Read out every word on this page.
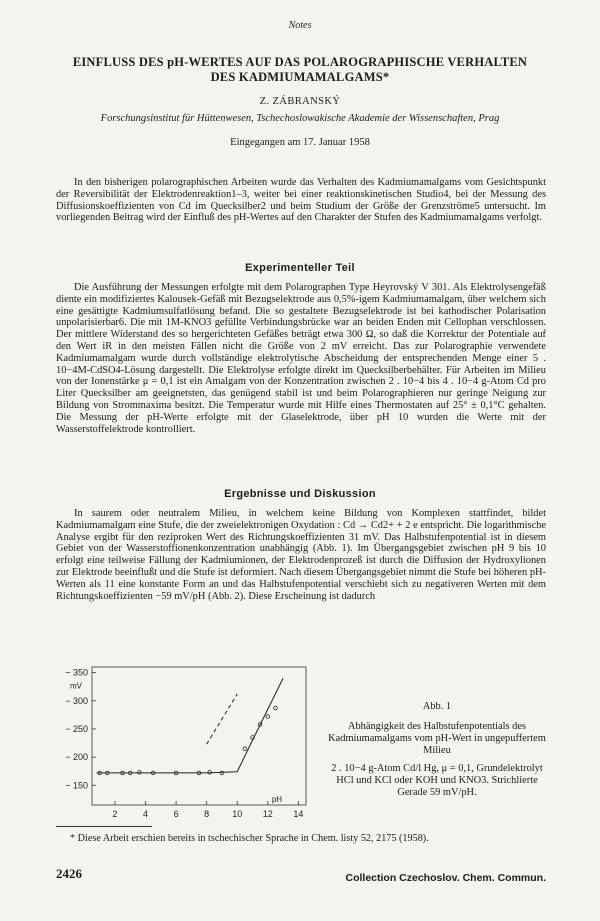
Notes
EINFLUSS DES pH-WERTES AUF DAS POLAROGRAPHISCHE VERHALTEN
DES KADMIUMAMALGAMS*
Z. ZÁBRANSKÝ
Forschungsinstitut für Hüttenwesen, Tschechoslowakische Akademie der Wissenschaften, Prag
Eingegangen am 17. Januar 1958

In den bisherigen polarographischen Arbeiten wurde das Verhalten des Kadmiumamalgams vom Gesichtspunkt der Reversibilität der Elektrodenreaktion1–3, weiter bei einer reaktionskinetischen Studio4, bei der Messung des Diffusionskoeffizienten von Cd im Quecksilber2 und beim Studium der Größe der Grenzströme5 untersucht. Im vorliegenden Beitrag wird der Einfluß des pH-Wertes auf den Charakter der Stufen des Kadmiumamalgams verfolgt.

Experimenteller Teil

Die Ausführung der Messungen erfolgte mit dem Polarographen Type Heyrovský V 301. Als Elektrolysengefäß diente ein modifiziertes Kalousek-Gefäß mit Bezugselektrode aus 0,5%-igem Kadmiumamalgam, über welchem sich eine gesättigte Kadmiumsulfatlösung befand. Die so gestaltete Bezugselektrode ist bei kathodischer Polarisation unpolarisierbar6. Die mit 1M-KNO3 gefüllte Verbindungsbrücke war an beiden Enden mit Cellophan verschlossen. Der mittlere Widerstand des so hergerichteten Gefäßes beträgt etwa 300 Ω, so daß die Korrektur der Potentiale auf den Wert iR in den meisten Fällen nicht die Größe von 2 mV erreicht. Das zur Polarographie verwendete Kadmiumamalgam wurde durch vollständige elektrolytische Abscheidung der entsprechenden Menge einer 5 . 10−4M-CdSO4-Lösung dargestellt. Die Elektrolyse erfolgte direkt im Quecksilberbehälter. Für Arbeiten im Milieu von der Ionenstärke μ = 0,1 ist ein Amalgam von der Konzentration zwischen 2 . 10−4 bis 4 . 10−4 g-Atom Cd pro Liter Quecksilber am geeignetsten, das genügend stabil ist und beim Polarographieren nur geringe Neigung zur Bildung von Strommaxima besitzt. Die Temperatur wurde mit Hilfe eines Thermostaten auf 25° ± 0,1°C gehalten. Die Messung der pH-Werte erfolgte mit der Glaselektrode, über pH 10 wurden die Werte mit der Wasserstoffelektrode kontrolliert.

Ergebnisse und Diskussion

In saurem oder neutralem Milieu, in welchem keine Bildung von Komplexen stattfindet, bildet Kadmiumamalgam eine Stufe, die der zweielektronigen Oxydation : Cd → Cd2+ + 2 e entspricht. Die logarithmische Analyse ergibt für den reziproken Wert des Richtungskoeffizienten 31 mV. Das Halbstufenpotential ist in diesem Gebiet von der Wasserstoffionenkonzentration unabhängig (Abb. 1). Im Übergangsgebiet zwischen pH 9 bis 10 erfolgt eine teilweise Fällung der Kadmiumionen, der Elektrodenprozeß ist durch die Diffusion der Hydroxylionen zur Elektrode beeinflußt und die Stufe ist deformiert. Nach diesem Übergangsgebiet nimmt die Stufe bei höheren pH-Werten als 11 eine konstante Form an und das Halbstufenpotential verschiebt sich zu negativeren Werten mit dem Richtungskoeffizienten −59 mV/pH (Abb. 2). Diese Erscheinung ist dadurch

2	4	6	8	10 12 14
− 350
− 300
− 250
− 200
− 150
mV
pH
Abb. 1
Abhängigkeit des Halbstufenpotentials des Kadmiumamalgams vom pH-Wert in ungepuffertem Milieu
2 . 10−4 g-Atom Cd/l Hg, μ = 0,1, Grundelektrolyt HCl und KCl oder KOH und KNO3. Strichlierte Gerade 59 mV/pH.
* Diese Arbeit erschien bereits in tschechischer Sprache in Chem. listy 52, 2175 (1958).
2426	Collection Czechoslov. Chem. Commun.
